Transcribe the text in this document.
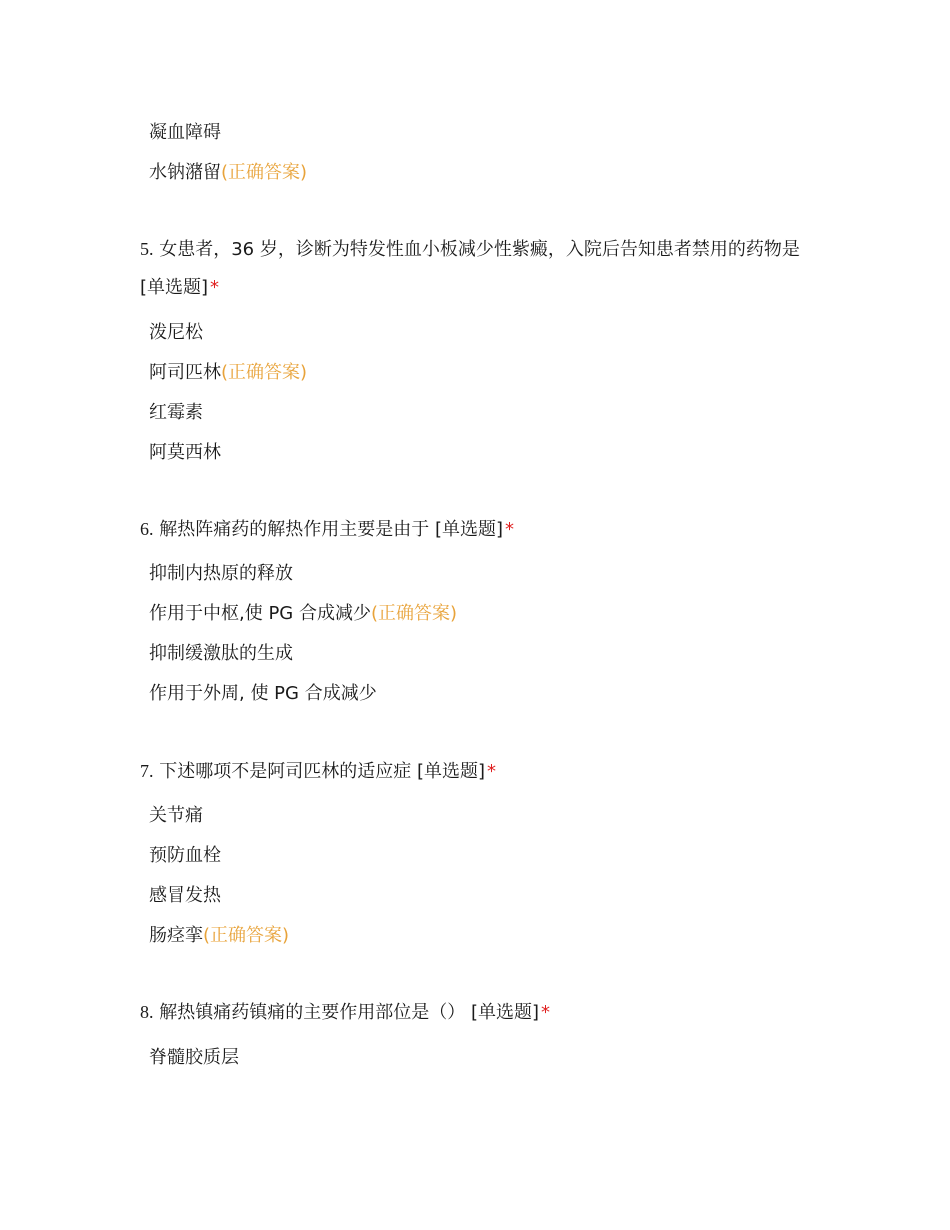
凝血障碍
水钠潴留(正确答案)
5. 女患者，36 岁，诊断为特发性血小板减少性紫癜，入院后告知患者禁用的药物是 [单选题] *
泼尼松
阿司匹林(正确答案)
红霉素
阿莫西林
6. 解热阵痛药的解热作用主要是由于 [单选题] *
抑制内热原的释放
作用于中枢,使 PG 合成减少(正确答案)
抑制缓激肽的生成
作用于外周, 使 PG 合成减少
7. 下述哪项不是阿司匹林的适应症 [单选题] *
关节痛
预防血栓
感冒发热
肠痉挛(正确答案)
8. 解热镇痛药镇痛的主要作用部位是（） [单选题] *
脊髓胶质层
